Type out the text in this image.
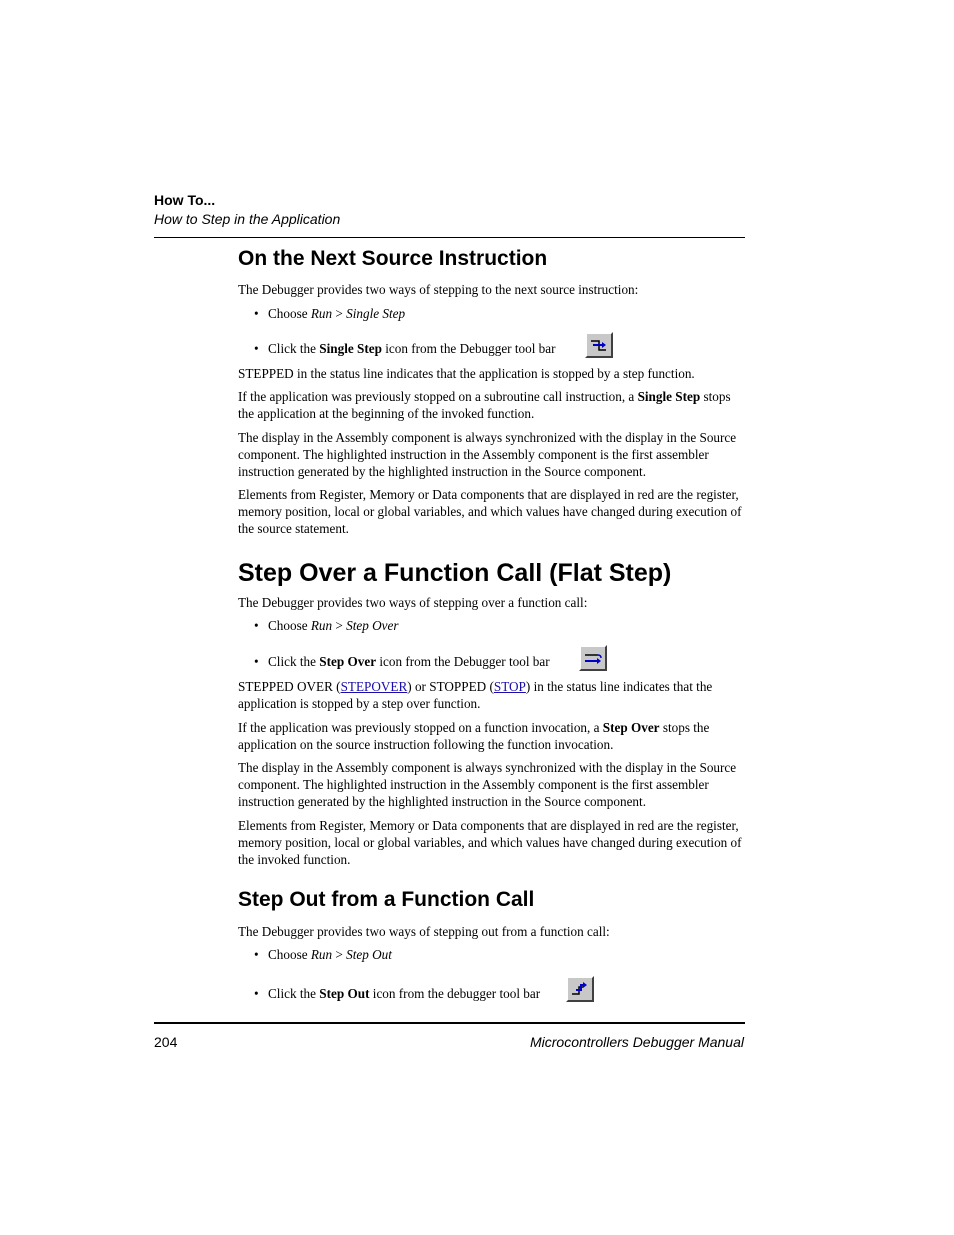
How To...
How to Step in the Application
On the Next Source Instruction

The Debugger provides two ways of stepping to the next source instruction:

• Choose Run > Single Step
• Click the Single Step icon from the Debugger tool bar

STEPPED in the status line indicates that the application is stopped by a step function.

If the application was previously stopped on a subroutine call instruction, a Single Step stops the application at the beginning of the invoked function.

The display in the Assembly component is always synchronized with the display in the Source component. The highlighted instruction in the Assembly component is the first assembler instruction generated by the highlighted instruction in the Source component.

Elements from Register, Memory or Data components that are displayed in red are the register, memory position, local or global variables, and which values have changed during execution of the source statement.

Step Over a Function Call (Flat Step)

The Debugger provides two ways of stepping over a function call:

• Choose Run > Step Over
• Click the Step Over icon from the Debugger tool bar

STEPPED OVER (STEPOVER) or STOPPED (STOP) in the status line indicates that the application is stopped by a step over function.

If the application was previously stopped on a function invocation, a Step Over stops the application on the source instruction following the function invocation.

The display in the Assembly component is always synchronized with the display in the Source component. The highlighted instruction in the Assembly component is the first assembler instruction generated by the highlighted instruction in the Source component.

Elements from Register, Memory or Data components that are displayed in red are the register, memory position, local or global variables, and which values have changed during execution of the invoked function.

Step Out from a Function Call

The Debugger provides two ways of stepping out from a function call:

• Choose Run > Step Out
• Click the Step Out icon from the debugger tool bar
204	Microcontrollers Debugger Manual
